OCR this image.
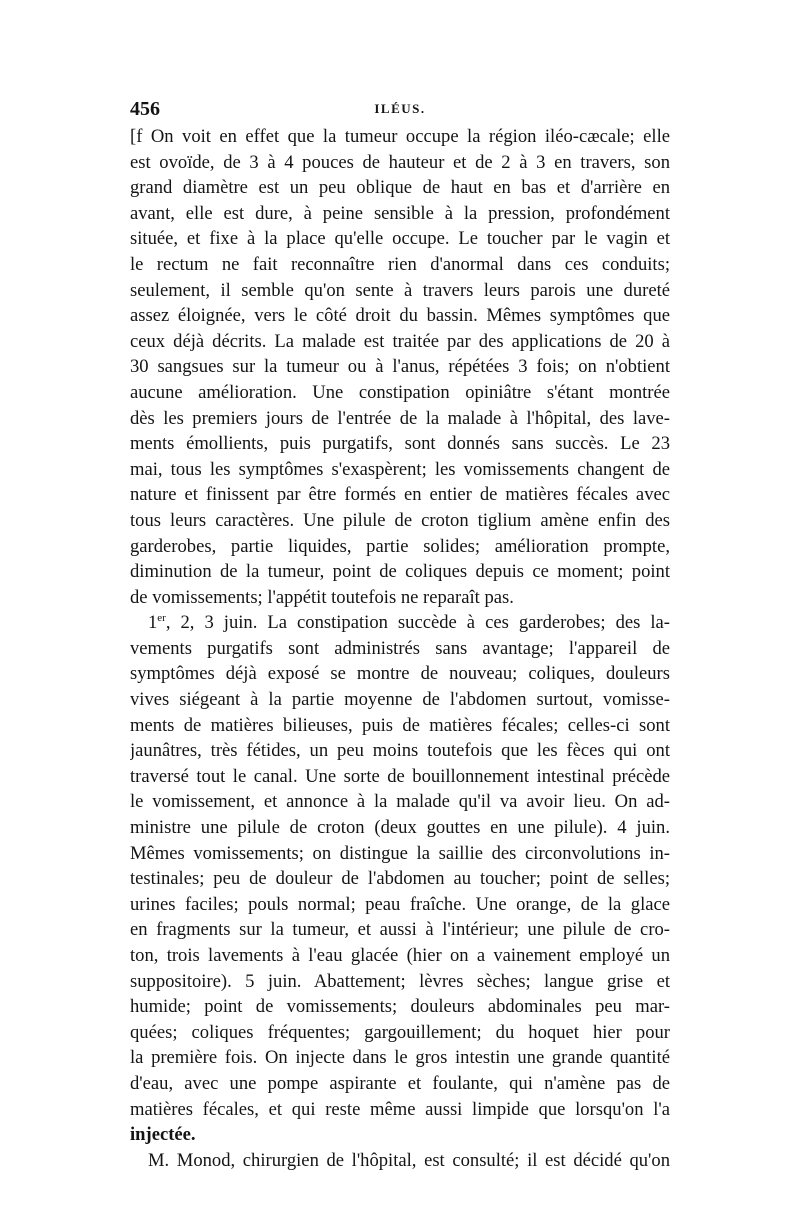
456	ILÉUS.

[f On voit en effet que la tumeur occupe la région iléo-cæcale; elle
est ovoïde, de 3 à 4 pouces de hauteur et de 2 à 3 en travers, son
grand diamètre est un peu oblique de haut en bas et d'arrière en
avant, elle est dure, à peine sensible à la pression, profondément
située, et fixe à la place qu'elle occupe. Le toucher par le vagin et
le rectum ne fait reconnaître rien d'anormal dans ces conduits;
seulement, il semble qu'on sente à travers leurs parois une dureté
assez éloignée, vers le côté droit du bassin. Mêmes symptômes que
ceux déjà décrits. La malade est traitée par des applications de 20 à
30 sangsues sur la tumeur ou à l'anus, répétées 3 fois; on n'obtient
aucune amélioration. Une constipation opiniâtre s'étant montrée
dès les premiers jours de l'entrée de la malade à l'hôpital, des lave-
ments émollients, puis purgatifs, sont donnés sans succès. Le 23
mai, tous les symptômes s'exaspèrent; les vomissements changent de
nature et finissent par être formés en entier de matières fécales avec
tous leurs caractères. Une pilule de croton tiglium amène enfin des
garderobes, partie liquides, partie solides; amélioration prompte,
diminution de la tumeur, point de coliques depuis ce moment; point
de vomissements; l'appétit toutefois ne reparaît pas.

1er, 2, 3 juin. La constipation succède à ces garderobes; des la-
vements purgatifs sont administrés sans avantage; l'appareil de
symptômes déjà exposé se montre de nouveau; coliques, douleurs
vives siégeant à la partie moyenne de l'abdomen surtout, vomisse-
ments de matières bilieuses, puis de matières fécales; celles-ci sont
jaunâtres, très fétides, un peu moins toutefois que les fèces qui ont
traversé tout le canal. Une sorte de bouillonnement intestinal précède
le vomissement, et annonce à la malade qu'il va avoir lieu. On ad-
ministre une pilule de croton (deux gouttes en une pilule). 4 juin.
Mêmes vomissements; on distingue la saillie des circonvolutions in-
testinales; peu de douleur de l'abdomen au toucher; point de selles;
urines faciles; pouls normal; peau fraîche. Une orange, de la glace
en fragments sur la tumeur, et aussi à l'intérieur; une pilule de cro-
ton, trois lavements à l'eau glacée (hier on a vainement employé un
suppositoire). 5 juin. Abattement; lèvres sèches; langue grise et
humide; point de vomissements; douleurs abdominales peu mar-
quées; coliques fréquentes; gargouillement; du hoquet hier pour
la première fois. On injecte dans le gros intestin une grande quantité
d'eau, avec une pompe aspirante et foulante, qui n'amène pas de
matières fécales, et qui reste même aussi limpide que lorsqu'on l'a
injectée.

M. Monod, chirurgien de l'hôpital, est consulté; il est décidé qu'on
